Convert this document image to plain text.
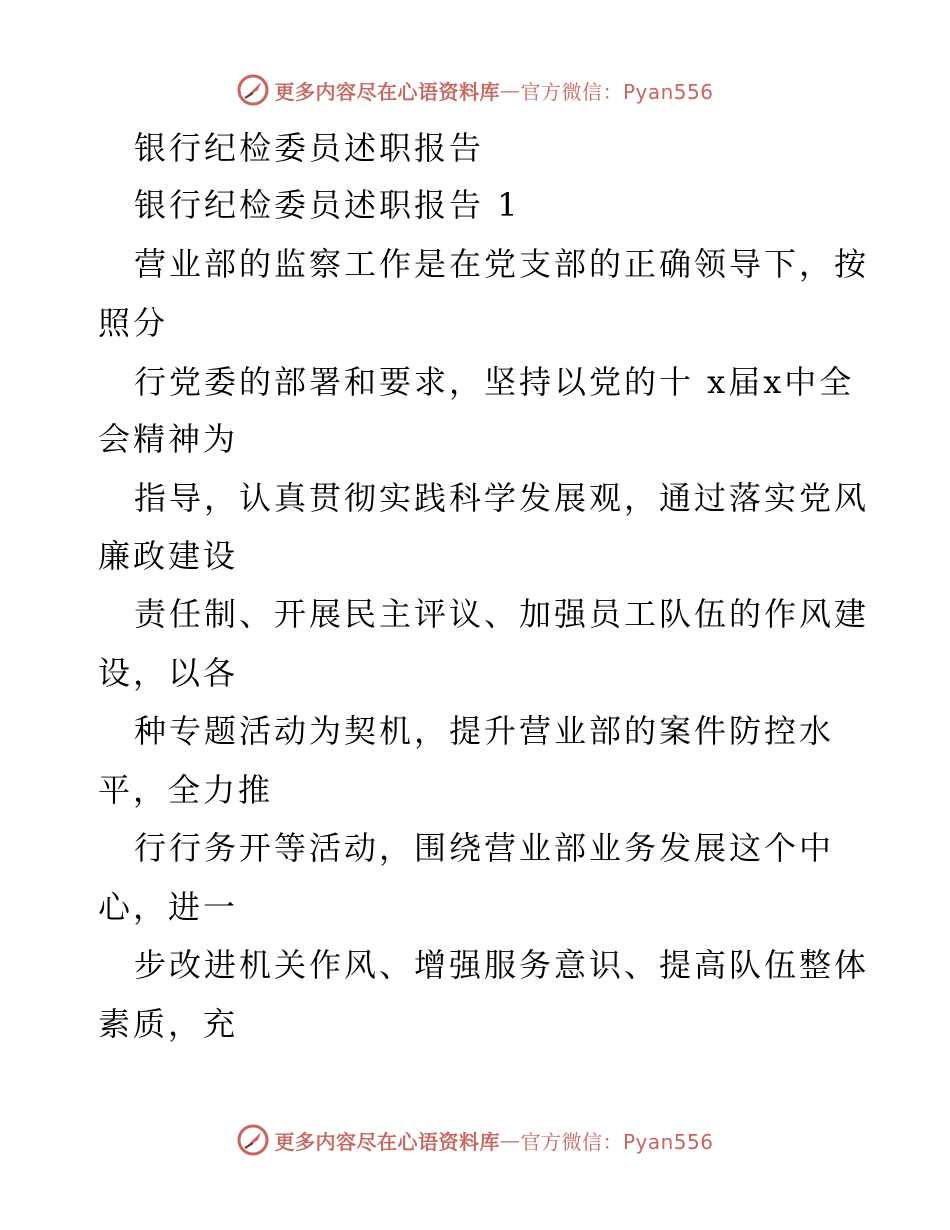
更多内容尽在心语资料库 — 官方微信：Pyan556
银行纪检委员述职报告
银行纪检委员述职报告 1
营业部的监察工作是在党支部的正确领导下，按
照分
行党委的部署和要求，坚持以党的十 x届x中全
会精神为
指导，认真贯彻实践科学发展观，通过落实党风
廉政建设
责任制、开展民主评议、加强员工队伍的作风建
设，以各
种专题活动为契机，提升营业部的案件防控水
平，全力推
行行务开等活动，围绕营业部业务发展这个中
心，进一
步改进机关作风、增强服务意识、提高队伍整体
素质，充
更多内容尽在心语资料库 — 官方微信：Pyan556
